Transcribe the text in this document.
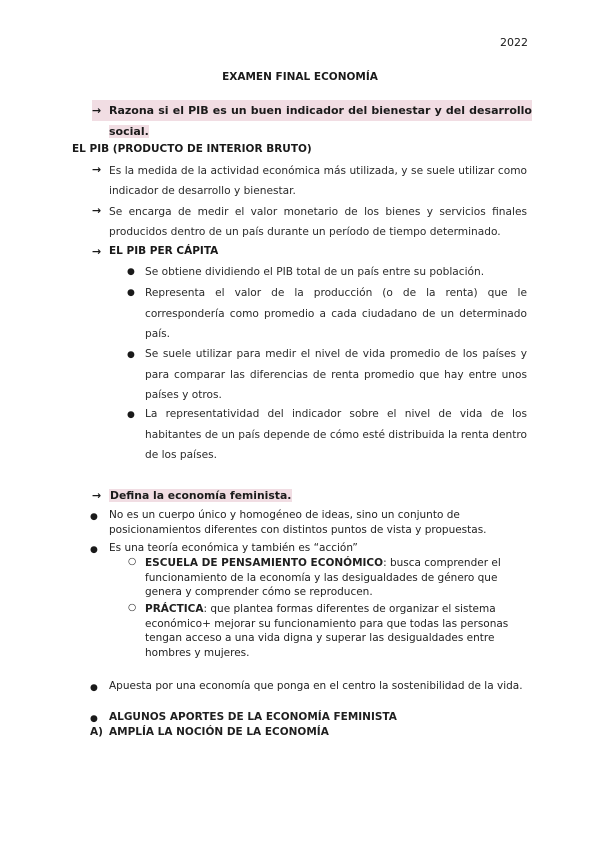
2022
EXAMEN FINAL ECONOMÍA
→ Razona si el PIB es un buen indicador del bienestar y del desarrollo
social.
EL PIB (PRODUCTO DE INTERIOR BRUTO)
→ Es la medida de la actividad económica más utilizada, y se suele utilizar como indicador de desarrollo y bienestar.
→ Se encarga de medir el valor monetario de los bienes y servicios finales producidos dentro de un país durante un período de tiempo determinado.
→ EL PIB PER CÁPITA
● Se obtiene dividiendo el PIB total de un país entre su población.
● Representa el valor de la producción (o de la renta) que le correspondería como promedio a cada ciudadano de un determinado país.
● Se suele utilizar para medir el nivel de vida promedio de los países y para comparar las diferencias de renta promedio que hay entre unos países y otros.
● La representatividad del indicador sobre el nivel de vida de los habitantes de un país depende de cómo esté distribuida la renta dentro de los países.
→ Defina la economía feminista.
● No es un cuerpo único y homogéneo de ideas, sino un conjunto de posicionamientos diferentes con distintos puntos de vista y propuestas.
● Es una teoría económica y también es “acción”
○ ESCUELA DE PENSAMIENTO ECONÓMICO: busca comprender el funcionamiento de la economía y las desigualdades de género que genera y comprender cómo se reproducen.
○ PRÁCTICA: que plantea formas diferentes de organizar el sistema económico+ mejorar su funcionamiento para que todas las personas tengan acceso a una vida digna y superar las desigualdades entre hombres y mujeres.
● Apuesta por una economía que ponga en el centro la sostenibilidad de la vida.
● ALGUNOS APORTES DE LA ECONOMÍA FEMINISTA
A) AMPLÍA LA NOCIÓN DE LA ECONOMÍA
